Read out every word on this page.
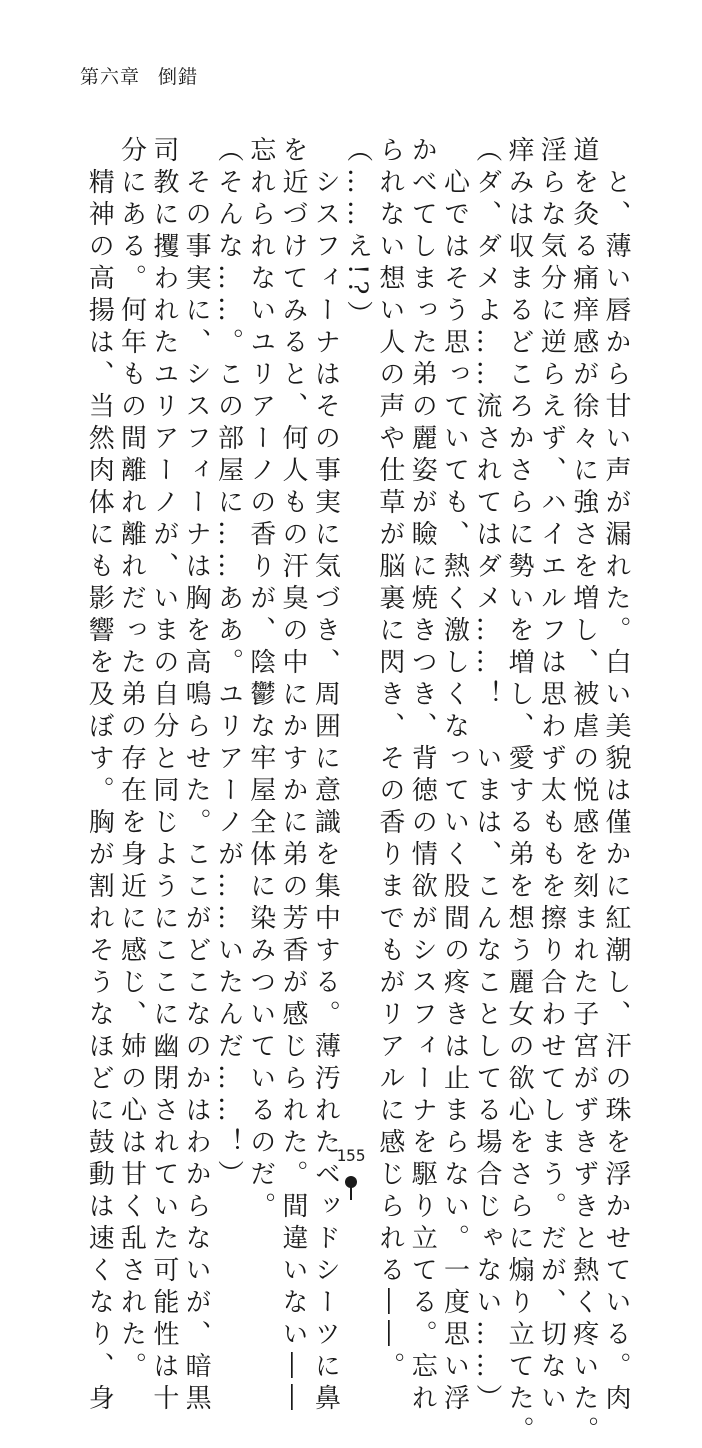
第六章 倒錯
と、薄い唇から甘い声が漏れた。白い美貌は僅かに紅潮し、汗の珠を浮かせている。肉
道を灸る痛痒感が徐々に強さを増し、被虐の悦感を刻まれた子宮がずきずきと熱く疼いた。
淫らな気分に逆らえず、ハイエルフは思わず太ももを擦り合わせてしまう。だが、切ない
痒みは収まるどころかさらに勢いを増し、愛する弟を想う麗女の欲心をさらに煽り立てた。
（ダ、ダメよ……流されてはダメ……！　いまは、こんなことしてる場合じゃない……）
心ではそう思っていても、熱く激しくなっていく股間の疼きは止まらない。一度思い浮
かべてしまった弟の麗姿が瞼に焼きつき、背徳の情欲がシスフィーナを駆り立てる。忘れ
られない想い人の声や仕草が脳裏に閃き、その香りまでもがリアルに感じられる――。
（……え!?）
シスフィーナはその事実に気づき、周囲に意識を集中する。薄汚れたベッドシーツに鼻
を近づけてみると、何人もの汗臭の中にかすかに弟の芳香が感じられた。間違いない――
忘れられないユリアーノの香りが、陰鬱な牢屋全体に染みついているのだ。
（そんな……。この部屋に……ああ。ユリアーノが……いたんだ……！）
その事実に、シスフィーナは胸を高鳴らせた。ここがどこなのかはわからないが、暗黒
司教に攫われたユリアーノが、いまの自分と同じようにここに幽閉されていた可能性は十
分にある。何年もの間離れ離れだった弟の存在を身近に感じ、姉の心は甘く乱された。
精神の高揚は、当然肉体にも影響を及ぼす。胸が割れそうなほどに鼓動は速くなり、身	155
